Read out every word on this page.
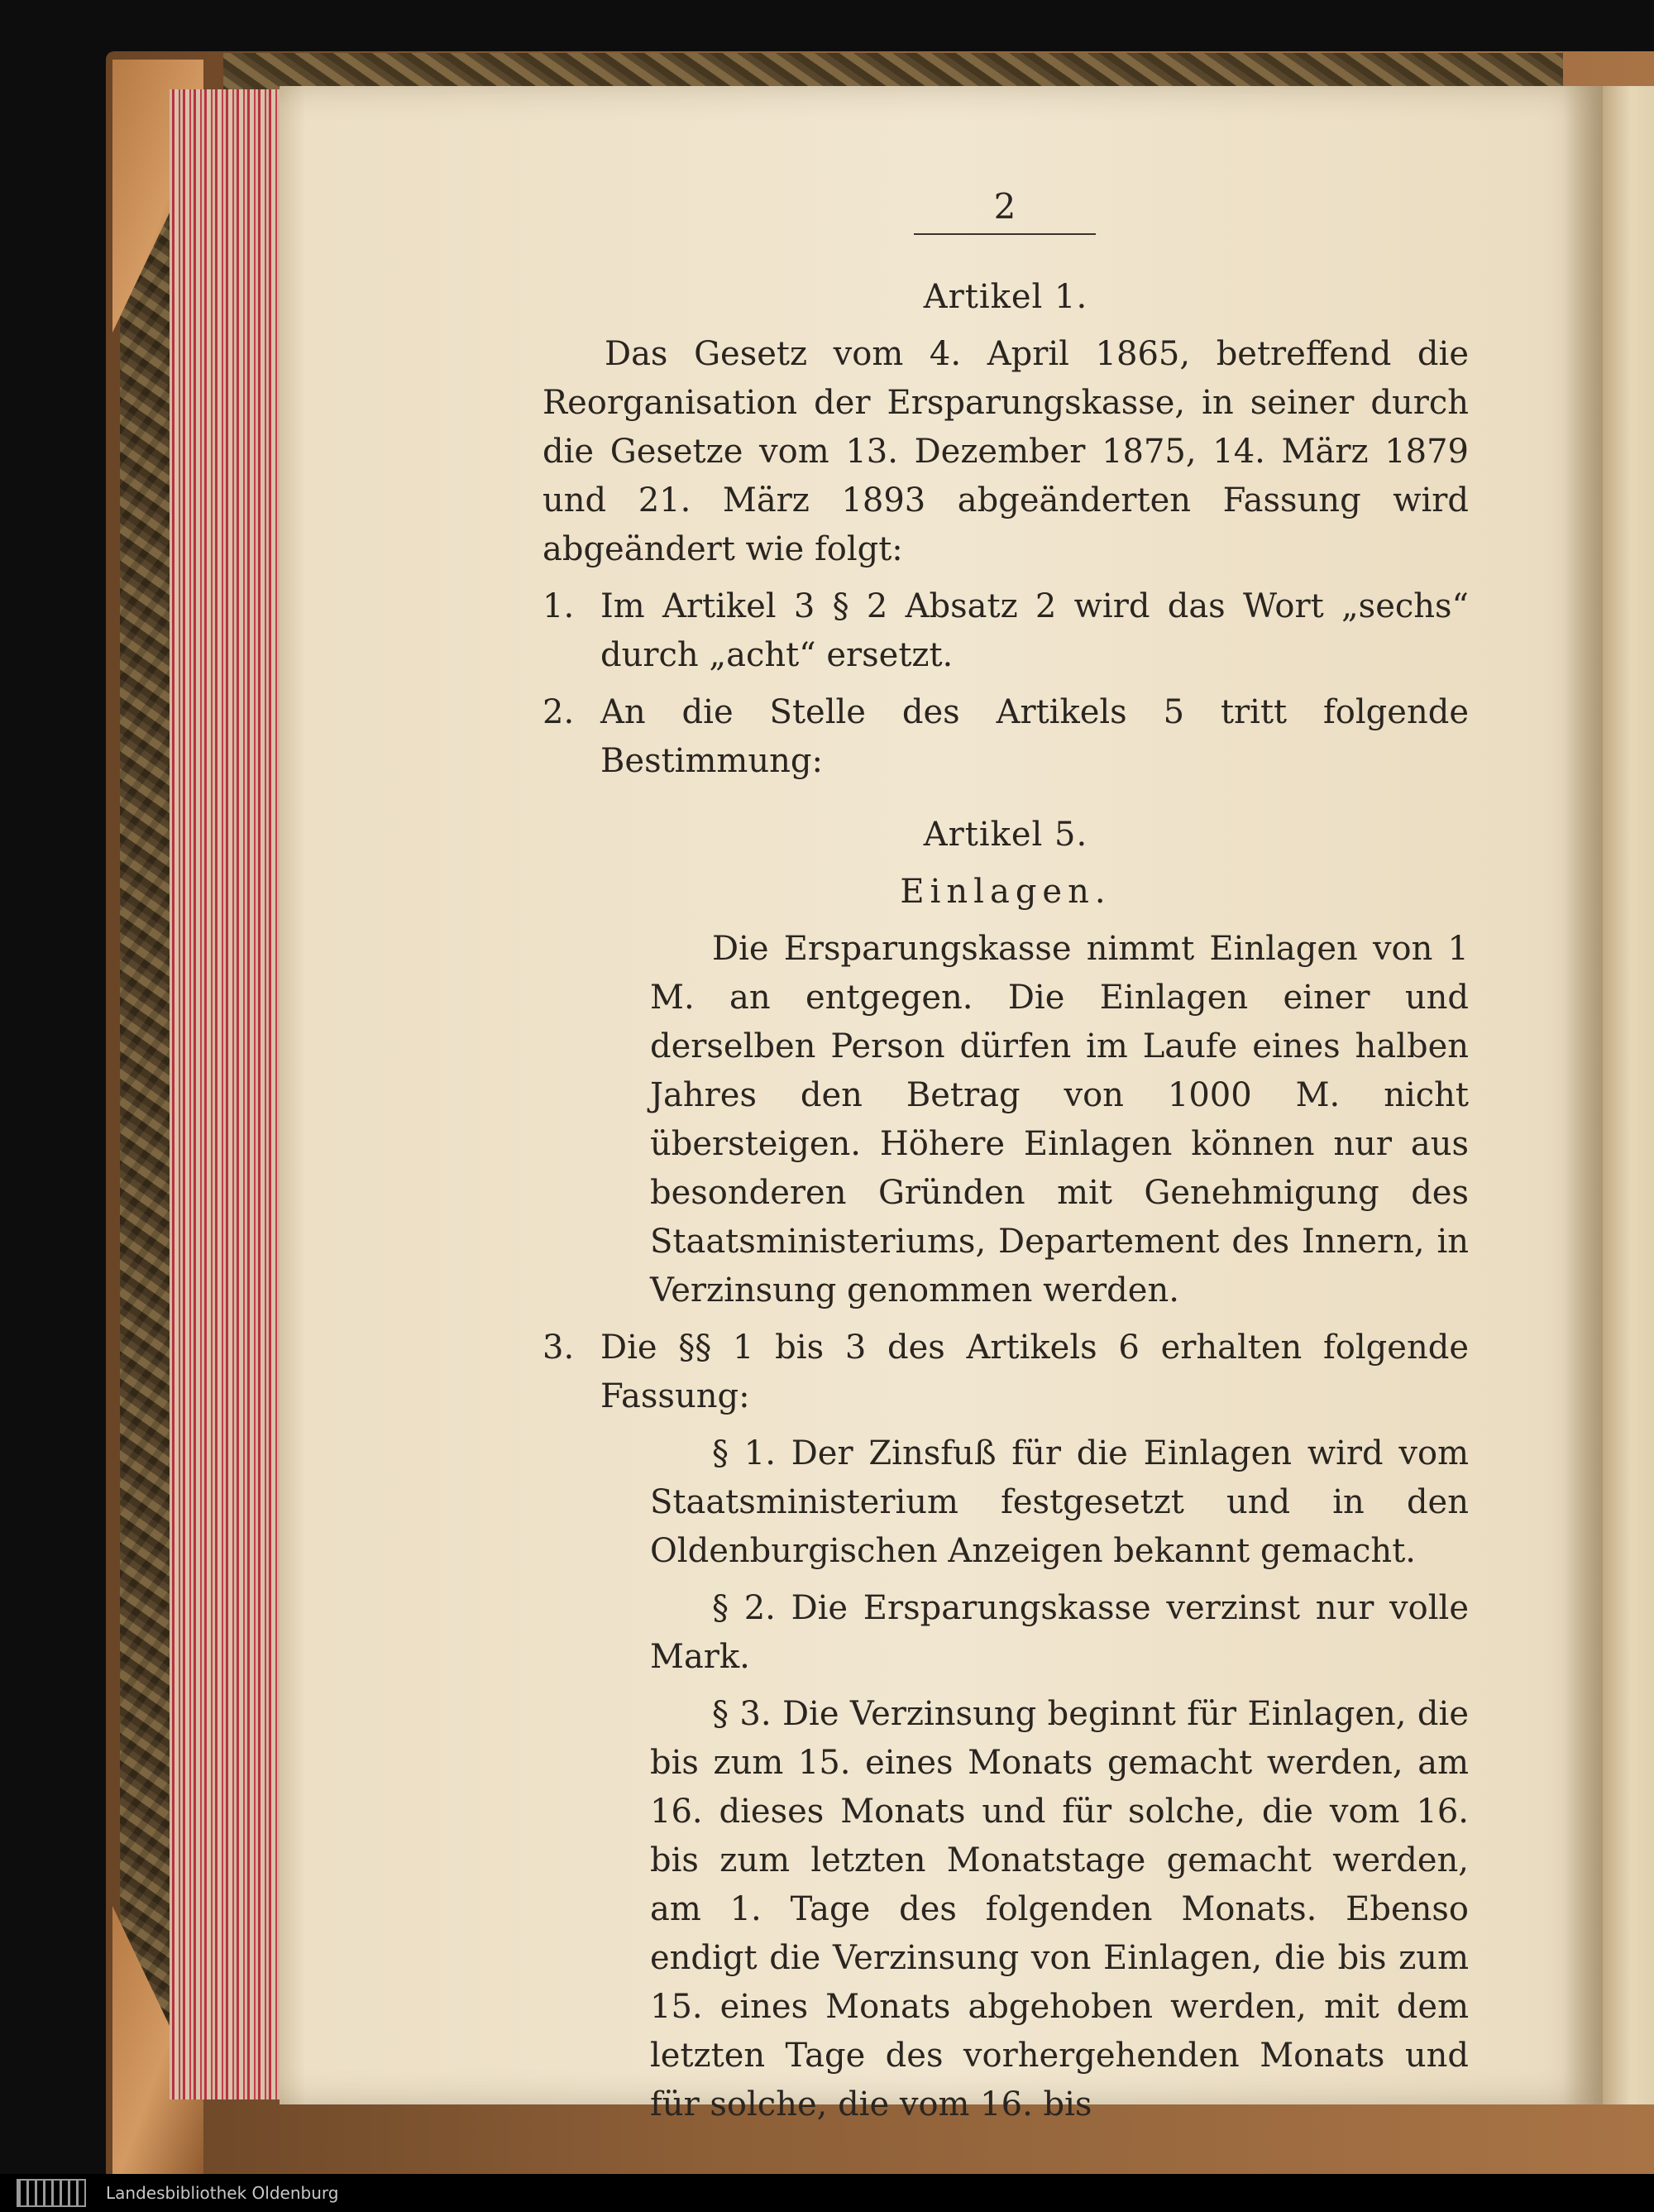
2
Artikel 1.
Das Gesetz vom 4. April 1865, betreffend die Reorganisation der Ersparungskasse, in seiner durch die Gesetze vom 13. Dezember 1875, 14. März 1879 und 21. März 1893 abgeänderten Fassung wird abgeändert wie folgt:
1. Im Artikel 3 § 2 Absatz 2 wird das Wort „sechs“ durch „acht“ ersetzt.
2. An die Stelle des Artikels 5 tritt folgende Bestimmung:
Artikel 5.
Einlagen.
Die Ersparungskasse nimmt Einlagen von 1 M. an entgegen. Die Einlagen einer und derselben Person dürfen im Laufe eines halben Jahres den Betrag von 1000 M. nicht übersteigen. Höhere Einlagen können nur aus besonderen Gründen mit Genehmigung des Staatsministeriums, Departement des Innern, in Verzinsung genommen werden.
3. Die §§ 1 bis 3 des Artikels 6 erhalten folgende Fassung:
§ 1. Der Zinsfuß für die Einlagen wird vom Staatsministerium festgesetzt und in den Oldenburgischen Anzeigen bekannt gemacht.
§ 2. Die Ersparungskasse verzinst nur volle Mark.
§ 3. Die Verzinsung beginnt für Einlagen, die bis zum 15. eines Monats gemacht werden, am 16. dieses Monats und für solche, die vom 16. bis zum letzten Monatstage gemacht werden, am 1. Tage des folgenden Monats. Ebenso endigt die Verzinsung von Einlagen, die bis zum 15. eines Monats abgehoben werden, mit dem letzten Tage des vorhergehenden Monats und für solche, die vom 16. bis
Landesbibliothek Oldenburg
